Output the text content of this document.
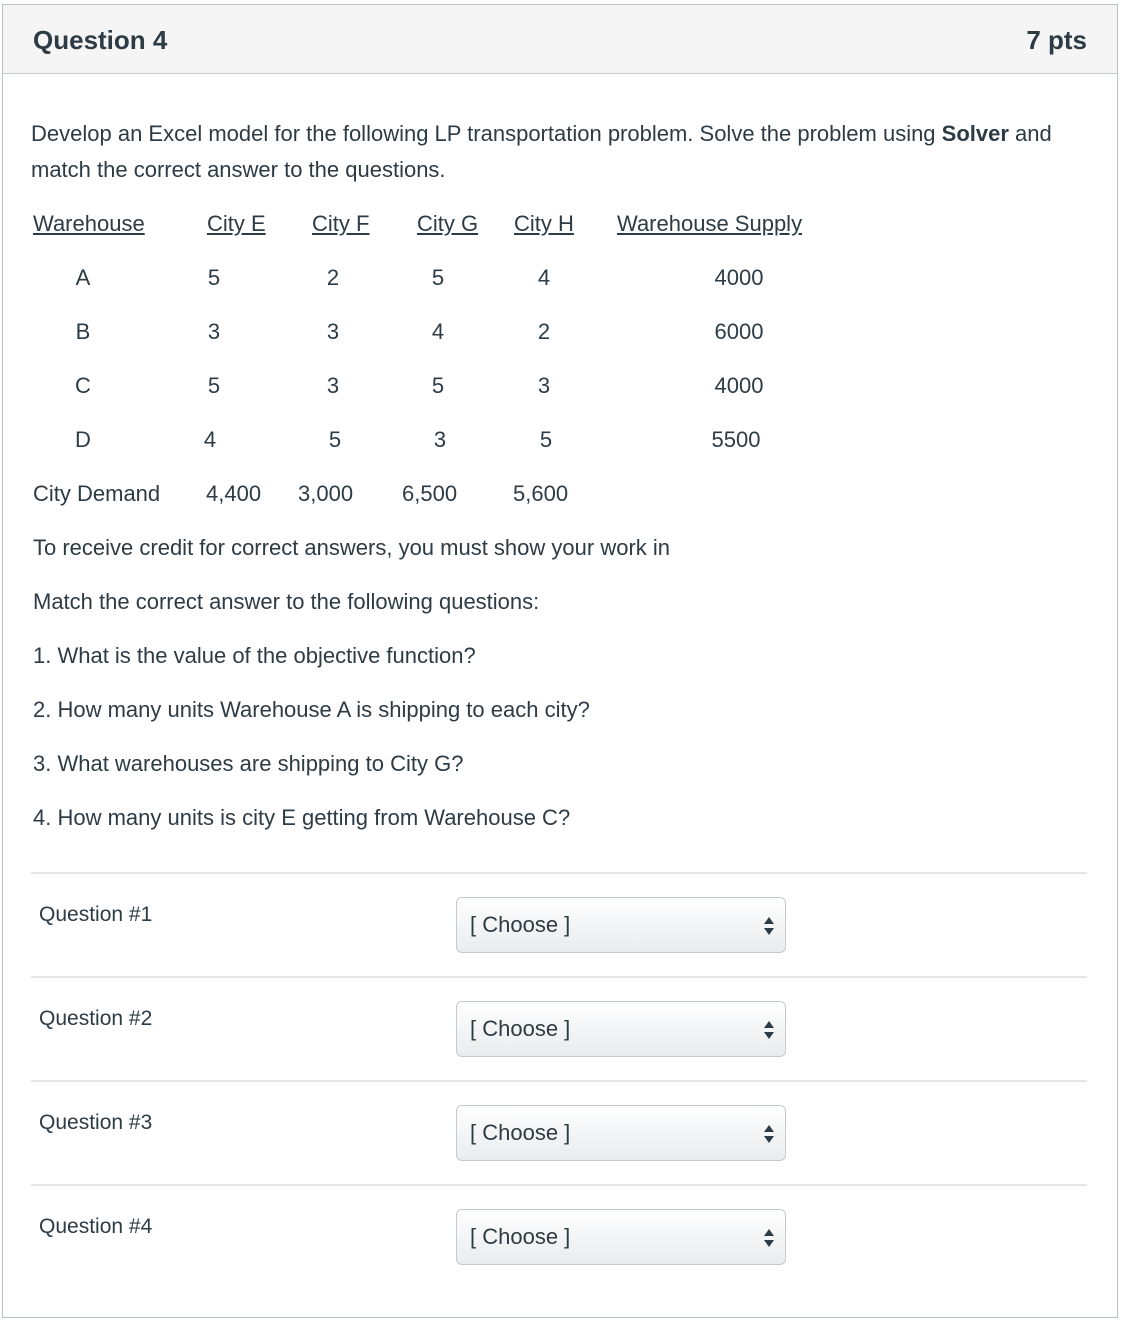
Question 4	7 pts
Develop an Excel model for the following LP transportation problem. Solve the problem using Solver and match the correct answer to the questions.
Warehouse	City E City F City G City H	Warehouse Supply
A	5	2	5	4	4000
B	3	3	4	2	6000
C	5	3	5	3	4000
D	4	5	3	5	5500
City Demand 4,400 3,000 6,500	5,600
To receive credit for correct answers, you must show your work in
Match the correct answer to the following questions:
1. What is the value of the objective function?
2. How many units Warehouse A is shipping to each city?
3. What warehouses are shipping to City G?
4. How many units is city E getting from Warehouse C?
Question #1	[ Choose ]
Question #2	[ Choose ]
Question #3	[ Choose ]
Question #4	[ Choose ]
